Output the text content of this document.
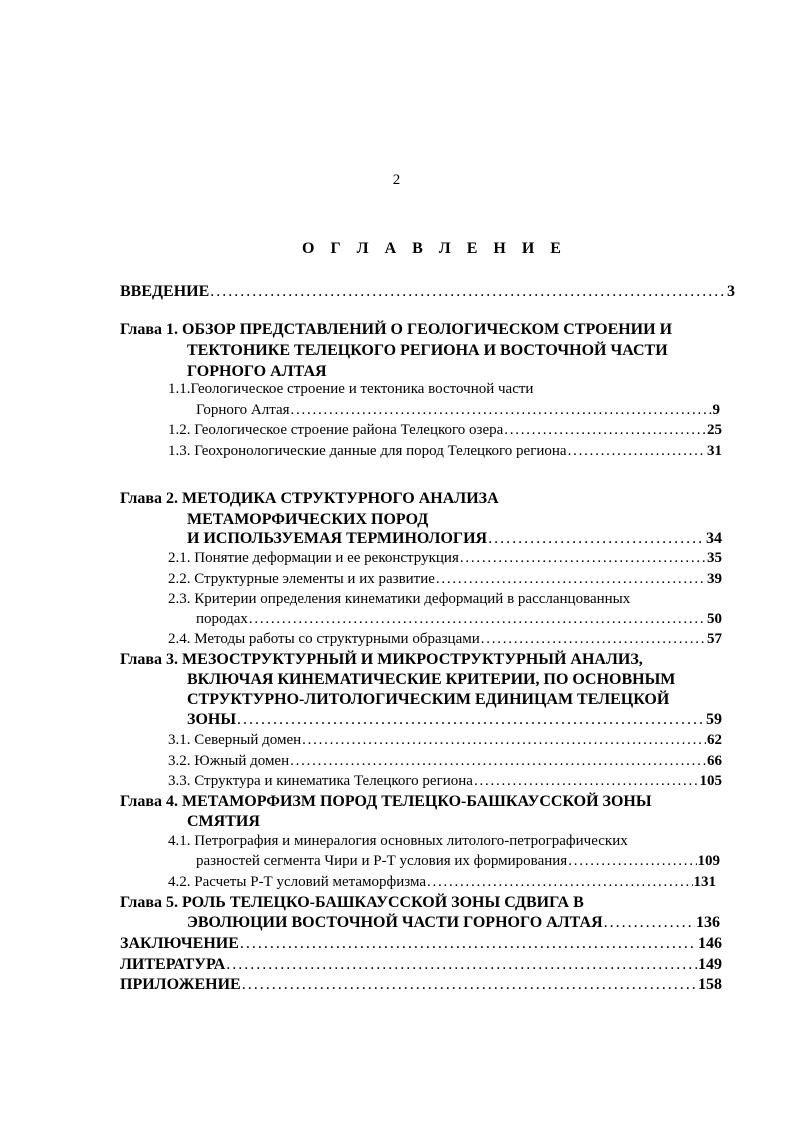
2
О Г Л А В Л Е Н И Е
ВВЕДЕНИЕ . . .	3
Глава 1. ОБЗОР ПРЕДСТАВЛЕНИЙ О ГЕОЛОГИЧЕСКОМ СТРОЕНИИ И
ТЕКТОНИКЕ ТЕЛЕЦКОГО РЕГИОНА И ВОСТОЧНОЙ ЧАСТИ
ГОРНОГО АЛТАЯ
1.1.Геологическое строение и тектоника восточной части
Горного Алтая . . .	9
1.2. Геологическое строение района Телецкого озера . . .	25
1.3. Геохронологические данные для пород Телецкого региона . . .	31
Глава 2. МЕТОДИКА СТРУКТУРНОГО АНАЛИЗА
МЕТАМОРФИЧЕСКИХ ПОРОД
И ИСПОЛЬЗУЕМАЯ ТЕРМИНОЛОГИЯ . . .	34
2.1. Понятие деформации и ее реконструкция . . .	35
2.2. Структурные элементы и их развитие . . .	39
2.3. Критерии определения кинематики деформаций в рассланцованных
породах . . .	50
2.4. Методы работы со структурными образцами . . .	57
Глава 3. МЕЗОСТРУКТУРНЫЙ И МИКРОСТРУКТУРНЫЙ АНАЛИЗ,
ВКЛЮЧАЯ КИНЕМАТИЧЕСКИЕ КРИТЕРИИ, ПО ОСНОВНЫМ
СТРУКТУРНО-ЛИТОЛОГИЧЕСКИМ ЕДИНИЦАМ ТЕЛЕЦКОЙ
ЗОНЫ . . .	59
3.1. Северный домен . . .	62
3.2. Южный домен . . .	66
3.3. Структура и кинематика Телецкого региона . . .	105
Глава 4. МЕТАМОРФИЗМ ПОРОД ТЕЛЕЦКО-БАШКАУССКОЙ ЗОНЫ
СМЯТИЯ
4.1. Петрография и минералогия основных литолого-петрографических
разностей сегмента Чири и Р-Т условия их формирования . . .	109
4.2. Расчеты Р-Т условий метаморфизма . . .	131
Глава 5. РОЛЬ ТЕЛЕЦКО-БАШКАУССКОЙ ЗОНЫ СДВИГА В
ЭВОЛЮЦИИ ВОСТОЧНОЙ ЧАСТИ ГОРНОГО АЛТАЯ . . .	136
ЗАКЛЮЧЕНИЕ . . .	146
ЛИТЕРАТУРА . . .	149
ПРИЛОЖЕНИЕ . . .	158
